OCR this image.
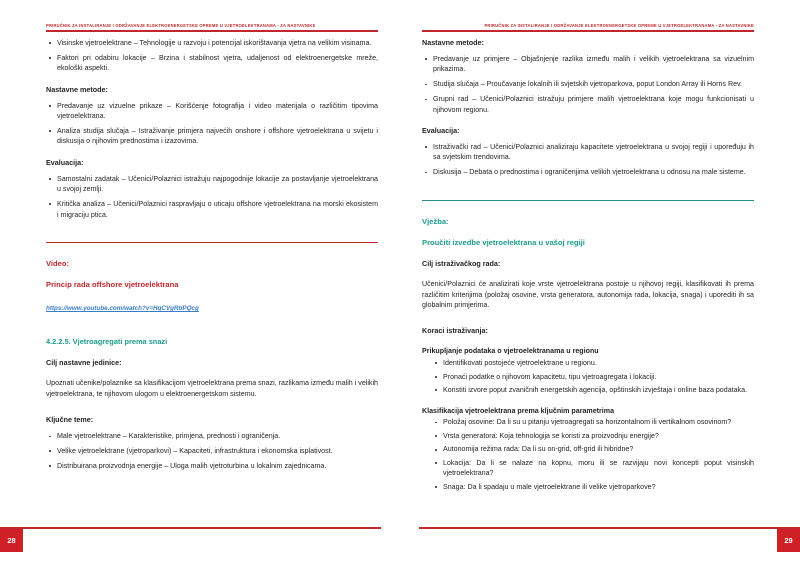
PRIRUČNIK ZA INSTALIRANJE I ODRŽAVANJE ELEKTROENERGETSKE OPREME U VJETROELEKTRANAMA - ZA NASTAVNIKE
Visinske vjetroelektrane – Tehnologije u razvoju i potencijal iskorištavanja vjetra na velikim visinama.
Faktori pri odabiru lokacije – Brzina i stabilnost vjetra, udaljenost od elektroenergetske mreže, ekološki aspekti.
Nastavne metode:
Predavanje uz vizuelne prikaze – Korišćenje fotografija i video materijala o različitim tipovima vjetroelektrana.
Analiza studija slučaja – Istraživanje primjera najvećih onshore i offshore vjetroelektrana u svijetu i diskusija o njihovim prednostima i izazovima.
Evaluacija:
Samostalni zadatak – Učenici/Polaznici istražuju najpogodnije lokacije za postavljanje vjetroelektrana u svojoj zemlji.
Kritička analiza – Učenici/Polaznici raspravljaju o uticaju offshore vjetroelektrana na morski ekosistem i migraciju ptica.

Video:

Princip rada offshore vjetroelektrana

https://www.youtube.com/watch?v=HqCVgRbPQcg

4.2.2.5. Vjetroagregati prema snazi

Cilj nastavne jedinice:

Upoznati učenike/polaznike sa klasifikacijom vjetroelektrana prema snazi, razlikama između malih i velikih vjetroelektrana, te njihovom ulogom u elektroenergetskom sistemu.

Ključne teme:
Male vjetroelektrane – Karakteristike, primjena, prednosti i ograničenja.
Velike vjetroelektrane (vjetroparkovi) – Kapaciteti, infrastruktura i ekonomska isplativost.
Distribuirana proizvodnja energije – Uloga malih vjetroturbina u lokalnim zajednicama.
28
PRIRUČNIK ZA INSTALIRANJE I ODRŽAVANJE ELEKTROENERGETSKE OPREME U VJETROELEKTRANAMA - ZA NASTAVNIKE
Nastavne metode:
Predavanje uz primjere – Objašnjenje razlika između malih i velikih vjetroelektrana sa vizuelnim prikazima.
Studija slučaja – Proučavanje lokalnih ili svjetskih vjetroparkova, poput London Array ili Horns Rev.
Grupni rad – Učenici/Polaznici istražuju primjere malih vjetroelektrana koje mogu funkcionisati u njihovom regionu.
Evaluacija:
Istraživački rad – Učenici/Polaznici analiziraju kapacitete vjetroelektrana u svojoj regiji i upoređuju ih sa svjetskim trendovima.
Diskusija – Debata o prednostima i ograničenjima velikih vjetroelektrana u odnosu na male sisteme.

Vježba:

Proučiti izvedbe vjetroelektrana u vašoj regiji

Cilj istraživačkog rada:

Učenici/Polaznici će analizirati koje vrste vjetroelektrana postoje u njihovoj regiji, klasifikovati ih prema različitim kriterijima (položaj osovine, vrsta generatora, autonomija rada, lokacija, snaga) i uporediti ih sa globalnim primjerima.

Koraci istraživanja:

Prikupljanje podataka o vjetroelektranama u regionu

Identifikovati postojeće vjetroelektrane u regionu.
Pronaći podatke o njihovom kapacitetu, tipu vjetroagregata i lokaciji.
Koristiti izvore poput zvaničnih energetskih agencija, opštinskih izvještaja i online baza podataka.

Klasifikacija vjetroelektrana prema ključnim parametrima

Položaj osovine: Da li su u pitanju vjetroagregati sa horizontalnom ili vertikalnom osovinom?
Vrsta generatora: Koja tehnologija se koristi za proizvodnju energije?
Autonomija režima rada: Da li su on-grid, off-grid ili hibridne?
Lokacija: Da li se nalaze na kopnu, moru ili se razvijaju novi koncepti poput visinskih vjetroelektrana?
Snaga: Da li spadaju u male vjetroelektrane ili velike vjetroparkove?
29
